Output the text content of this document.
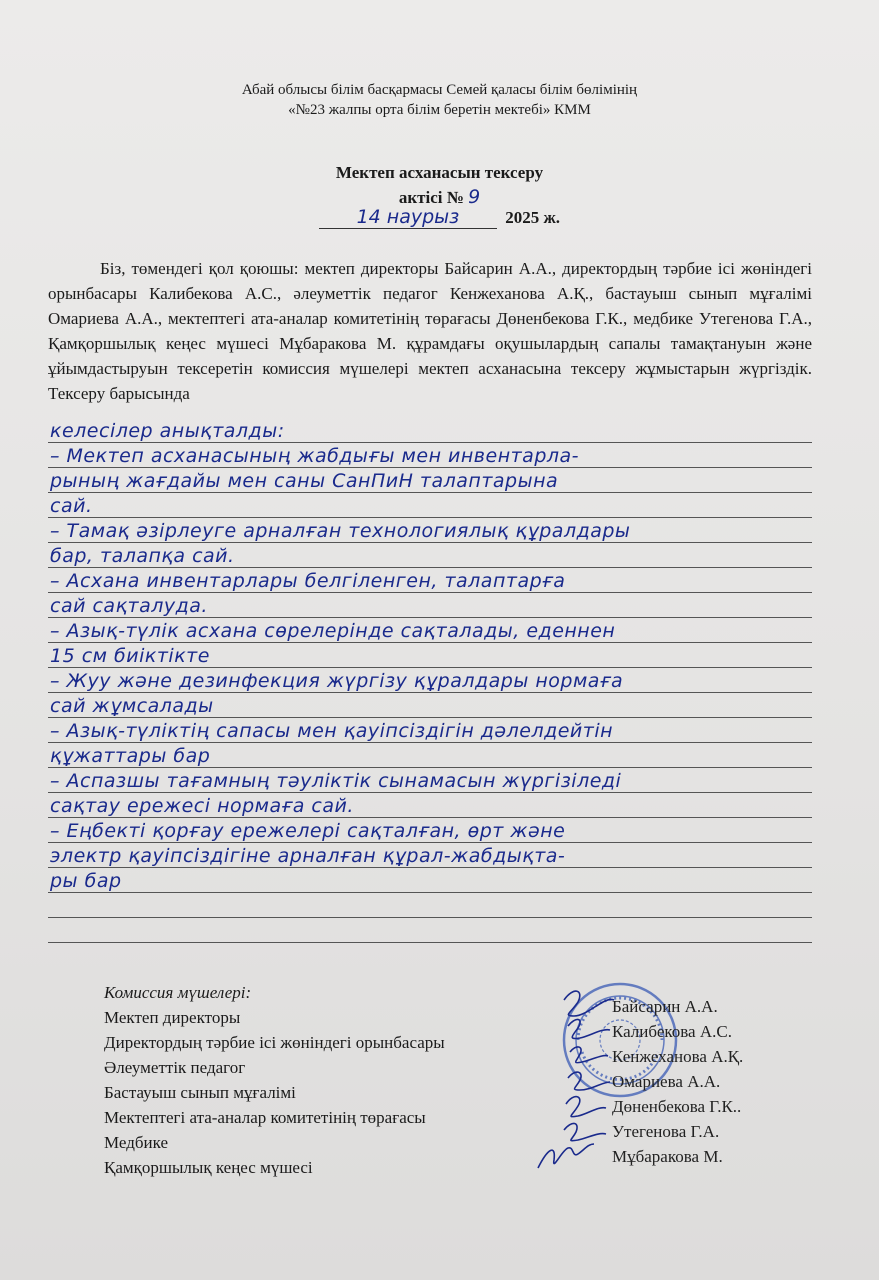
Абай облысы білім басқармасы Семей қаласы білім бөлімінің
«№23 жалпы орта білім беретін мектебі» КММ
Мектеп асханасын тексеру
актісі № 9
14 наурыз	2025 ж.
Біз, төмендегі қол қоюшы: мектеп директоры Байсарин А.А., директордың тәрбие ісі жөніндегі орынбасары Калибекова А.С., әлеуметтік педагог Кенжеханова А.Қ., бастауыш сынып мұғалімі Омариева А.А., мектептегі ата-аналар комитетінің төрағасы Дөненбекова Г.К., медбике Утегенова Г.А., Қамқоршылық кеңес мүшесі Мұбаракова М. құрамдағы оқушылардың сапалы тамақтануын және ұйымдастыруын тексеретін комиссия мүшелері мектеп асханасына тексеру жұмыстарын жүргіздік. Тексеру барысында
келесілер анықталды:
– Мектеп асханасының жабдығы мен инвентарла-
рының жағдайы мен саны СанПиН талаптарына
сай.
– Тамақ әзірлеуге арналған технологиялық құралдары
бар, талапқа сай.
– Асхана инвентарлары белгіленген, талаптарға
сай сақталуда.
– Азық-түлік асхана сөрелерінде сақталады, еденнен
15 см биіктікте
– Жуу және дезинфекция жүргізу құралдары нормаға
сай жұмсалады
– Азық-түліктің сапасы мен қауіпсіздігін дәлелдейтін
құжаттары бар
– Аспазшы тағамның тәуліктік сынамасын жүргізіледі
сақтау ережесі нормаға сай.
– Еңбекті қорғау ережелері сақталған, өрт және
электр қауіпсіздігіне арналған құрал-жабдықта-
ры бар
Комиссия мүшелері:
Мектеп директоры
Директордың тәрбие ісі жөніндегі орынбасары
Әлеуметтік педагог
Бастауыш сынып мұғалімі
Мектептегі ата-аналар комитетінің төрағасы
Медбике
Қамқоршылық кеңес мүшесі
Байсарин А.А.
Калибекова А.С.
Кенжеханова А.Қ.
Омариева А.А.
Дөненбекова Г.К..
Утегенова Г.А.
Мұбаракова М.
